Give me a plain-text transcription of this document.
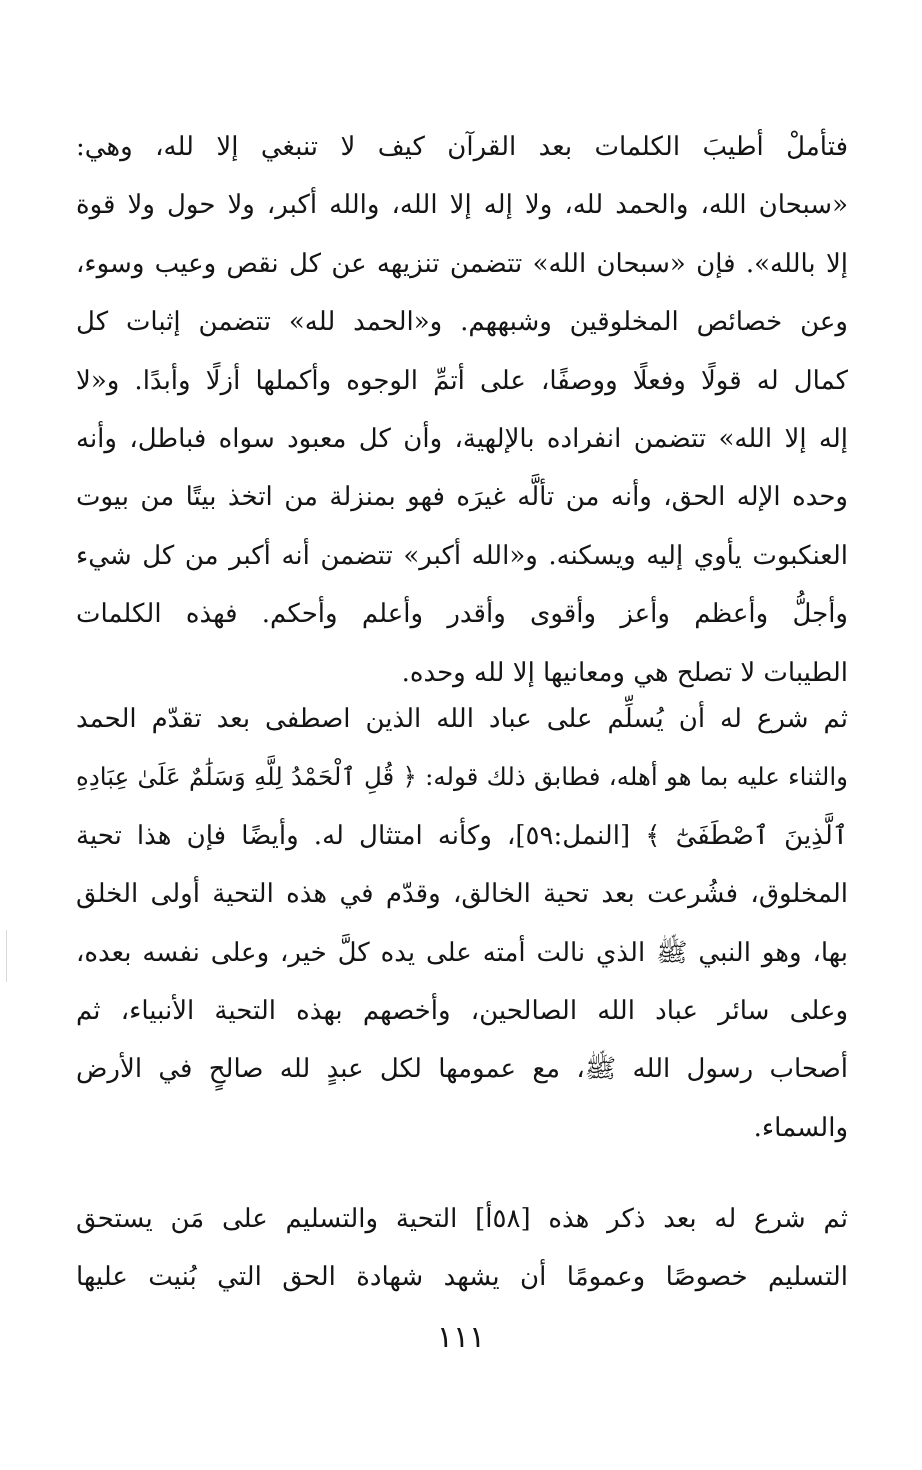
فتأملْ أطيبَ الكلمات بعد القرآن كيف لا تنبغي إلا لله، وهي:
«سبحان الله، والحمد لله، ولا إله إلا الله، والله أكبر، ولا حول ولا قوة
إلا بالله». فإن «سبحان الله» تتضمن تنزيهه عن كل نقص وعيب وسوء،
وعن خصائص المخلوقين وشبههم. و«الحمد لله» تتضمن إثبات كل
كمال له قولًا وفعلًا ووصفًا، على أتمِّ الوجوه وأكملها أزلًا وأبدًا. و«لا
إله إلا الله» تتضمن انفراده بالإلهية، وأن كل معبود سواه فباطل، وأنه
وحده الإله الحق، وأنه من تألَّه غيرَه فهو بمنزلة من اتخذ بيتًا من بيوت
العنكبوت يأوي إليه ويسكنه. و«الله أكبر» تتضمن أنه أكبر من كل شيء
وأجلُّ وأعظم وأعز وأقوى وأقدر وأعلم وأحكم. فهذه الكلمات
الطيبات لا تصلح هي ومعانيها إلا لله وحده.
ثم شرع له أن يُسلِّم على عباد الله الذين اصطفى بعد تقدّم الحمد
والثناء عليه بما هو أهله، فطابق ذلك قوله: ﴿ قُلِ ٱلْحَمْدُ لِلَّهِ وَسَلَٰمٌ عَلَىٰ عِبَادِهِ
ٱلَّذِينَ ٱصْطَفَىٰٓ ﴾ [النمل:٥٩]، وكأنه امتثال له. وأيضًا فإن هذا تحية
المخلوق، فشُرعت بعد تحية الخالق، وقدّم في هذه التحية أولى الخلق
بها، وهو النبي ﷺ الذي نالت أمته على يده كلَّ خير، وعلى نفسه بعده،
وعلى سائر عباد الله الصالحين، وأخصهم بهذه التحية الأنبياء، ثم
أصحاب رسول الله ﷺ، مع عمومها لكل عبدٍ لله صالحٍ في الأرض
والسماء.
ثم شرع له بعد ذكر هذه [٥٨أ] التحية والتسليم على مَن يستحق
التسليم خصوصًا وعمومًا أن يشهد شهادة الحق التي بُنيت عليها
١١١
